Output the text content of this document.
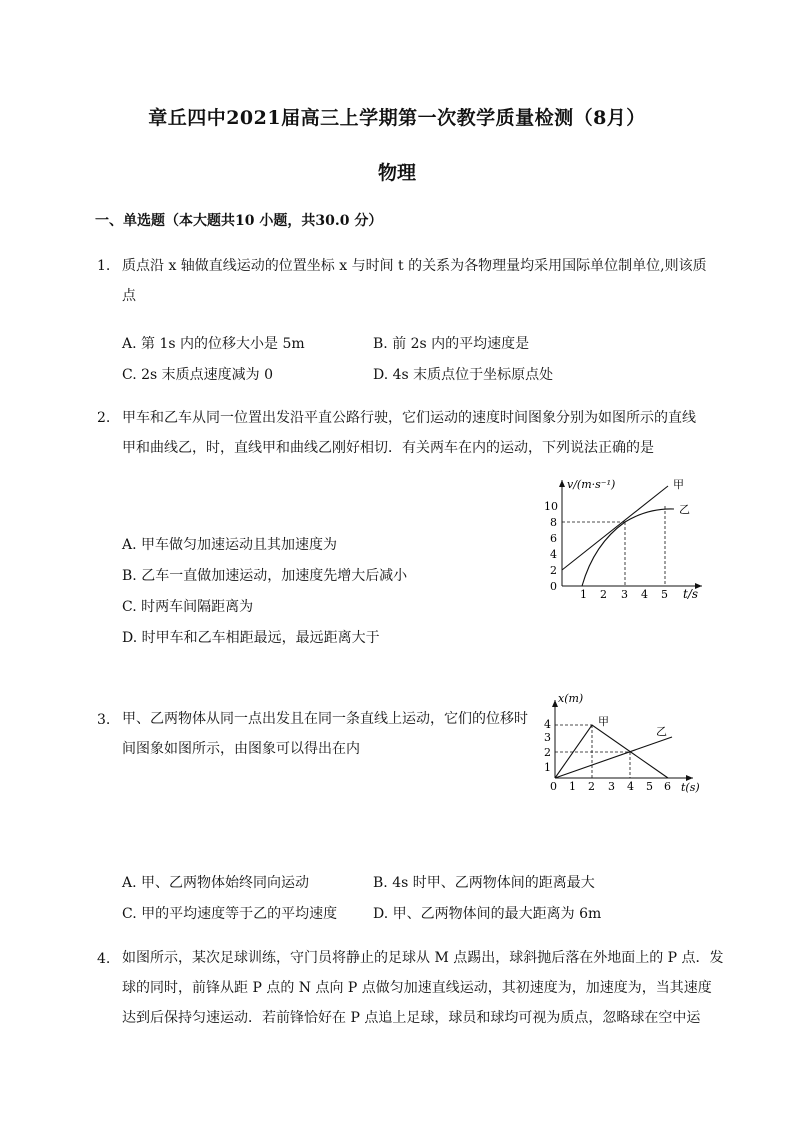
章丘四中2021届高三上学期第一次教学质量检测（8月）
物理
一、单选题（本大题共10 小题，共30.0 分）
1. 质点沿 x 轴做直线运动的位置坐标 x 与时间 t 的关系为各物理量均采用国际单位制单位,则该质
点
A. 第 1s 内的位移大小是 5m	B. 前 2s 内的平均速度是
C. 2s 末质点速度减为 0	D. 4s 末质点位于坐标原点处
2. 甲车和乙车从同一位置出发沿平直公路行驶，它们运动的速度时间图象分别为如图所示的直线
甲和曲线乙，时，直线甲和曲线乙刚好相切．有关两车在内的运动，下列说法正确的是
A. 甲车做匀加速运动且其加速度为
B. 乙车一直做加速运动，加速度先增大后减小
C. 时两车间隔距离为
D. 时甲车和乙车相距最远，最远距离大于
v/(m·s⁻¹)
t/s
0
2
4
6
8
10
1 2 3 4 5
甲
乙
3. 甲、乙两物体从同一点出发且在同一条直线上运动，它们的位移时
间图象如图所示，由图象可以得出在内
x(m)
t(s)
1
2
3
4
0 1 2 3 4 5 6
甲
乙
A. 甲、乙两物体始终同向运动	B. 4s 时甲、乙两物体间的距离最大
C. 甲的平均速度等于乙的平均速度	D. 甲、乙两物体间的最大距离为 6m
4. 如图所示，某次足球训练，守门员将静止的足球从 M 点踢出，球斜抛后落在外地面上的 P 点．发
球的同时，前锋从距 P 点的 N 点向 P 点做匀加速直线运动，其初速度为，加速度为，当其速度
达到后保持匀速运动．若前锋恰好在 P 点追上足球，球员和球均可视为质点，忽略球在空中运
